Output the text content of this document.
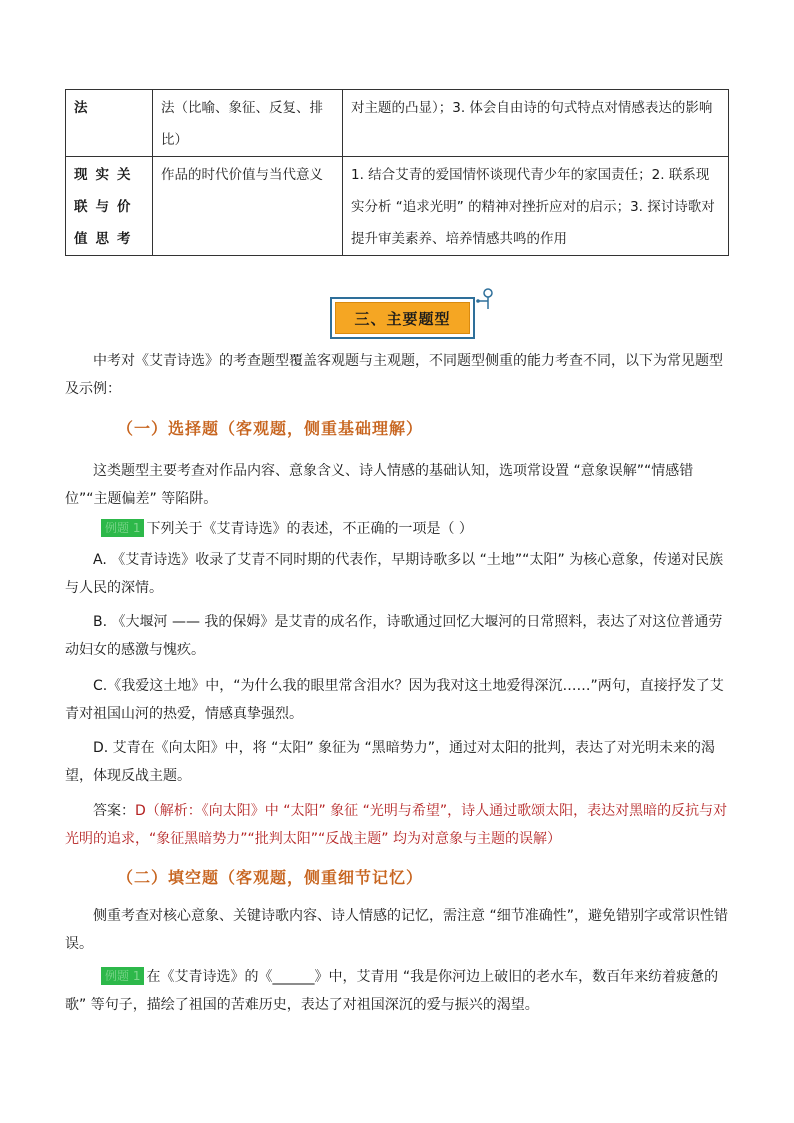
法	法（比喻、象征、反复、排比）	对主题的凸显）；3. 体会自由诗的句式特点对情感表达的影响
现实关联与价值思考	作品的时代价值与当代意义	1. 结合艾青的爱国情怀谈现代青少年的家国责任；2. 联系现实分析 “追求光明” 的精神对挫折应对的启示；3. 探讨诗歌对提升审美素养、培养情感共鸣的作用
三、主要题型
中考对《艾青诗选》的考查题型覆盖客观题与主观题，不同题型侧重的能力考查不同，以下为常见题型及示例：
（一）选择题（客观题，侧重基础理解）
这类题型主要考查对作品内容、意象含义、诗人情感的基础认知，选项常设置 “意象误解”“情感错位”“主题偏差” 等陷阱。
例题 1 下列关于《艾青诗选》的表述，不正确的一项是（ ）
A. 《艾青诗选》收录了艾青不同时期的代表作，早期诗歌多以 “土地”“太阳” 为核心意象，传递对民族与人民的深情。
B. 《大堰河 —— 我的保姆》是艾青的成名作，诗歌通过回忆大堰河的日常照料，表达了对这位普通劳动妇女的感激与愧疚。
C.《我爱这土地》中，“为什么我的眼里常含泪水？因为我对这土地爱得深沉……”两句，直接抒发了艾青对祖国山河的热爱，情感真挚强烈。
D. 艾青在《向太阳》中，将 “太阳” 象征为 “黑暗势力”，通过对太阳的批判，表达了对光明未来的渴望，体现反战主题。
答案：D（解析：《向太阳》中 “太阳” 象征 “光明与希望”，诗人通过歌颂太阳，表达对黑暗的反抗与对光明的追求，“象征黑暗势力”“批判太阳”“反战主题” 均为对意象与主题的误解）
（二）填空题（客观题，侧重细节记忆）
侧重考查对核心意象、关键诗歌内容、诗人情感的记忆，需注意 “细节准确性”，避免错别字或常识性错误。
例题 1 在《艾青诗选》的《______》中，艾青用 “我是你河边上破旧的老水车，数百年来纺着疲惫的歌” 等句子，描绘了祖国的苦难历史，表达了对祖国深沉的爱与振兴的渴望。
